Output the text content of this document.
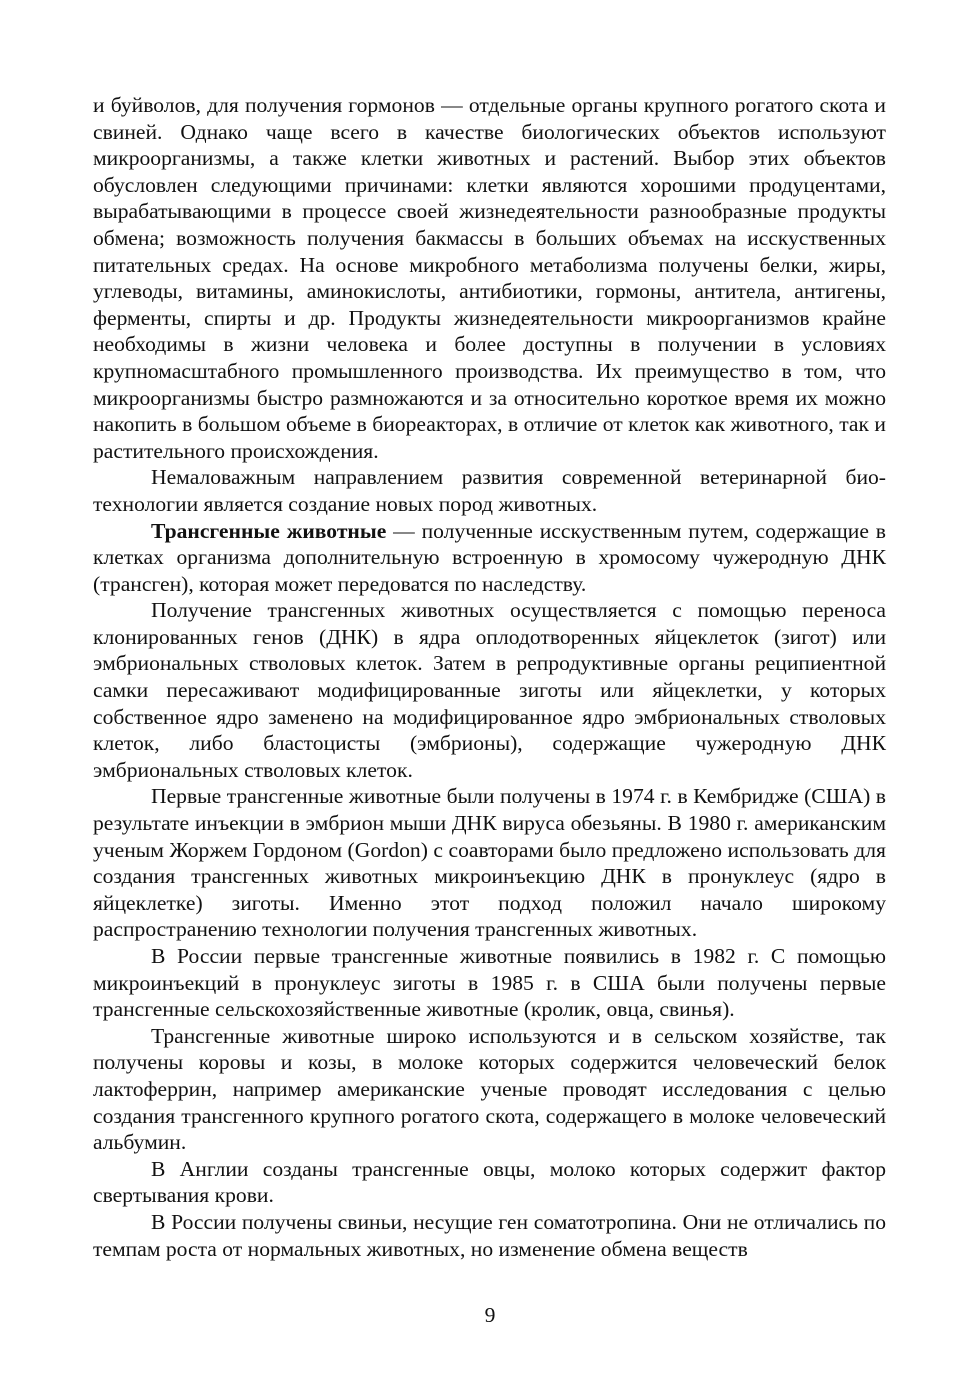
и буйволов, для получения гормонов — отдельные органы крупного рогатого скота и свиней. Однако чаще всего в качестве биологических объектов используют микроорганизмы, а также клетки животных и растений. Выбор этих объектов обусловлен следующими причинами: клетки являются хорошими продуцентами, вырабатывающими в процессе своей жизнедеятельности разнообразные продукты обмена; возможность получения бакмассы в больших объемах на исскуственных питательных средах. На основе микробного метаболизма получены белки, жиры, углеводы, витамины, аминокислоты, антибиотики, гормоны, антитела, антигены, ферменты, спирты и др. Продукты жизнедеятельности микроорганизмов крайне необходимы в жизни человека и более доступны в получении в условиях крупномасштабного промышленного производства. Их преимущество в том, что микроорганизмы быстро размножаются и за относительно короткое время их можно накопить в большом объеме в биореакторах, в отличие от клеток как животного, так и растительного происхождения.

Немаловажным направлением развития современной ветеринарной биотехнологии является создание новых пород животных.

Трансгенные животные — полученные исскуственным путем, содержащие в клетках организма дополнительную встроенную в хромосому чужеродную ДНК (трансген), которая может передоватся по наследству.

Получение трансгенных животных осуществляется с помощью переноса клонированных генов (ДНК) в ядра оплодотворенных яйцеклеток (зигот) или эмбриональных стволовых клеток. Затем в репродуктивные органы реципиентной самки пересаживают модифицированные зиготы или яйцеклетки, у которых собственное ядро заменено на модифицированное ядро эмбриональных стволовых клеток, либо бластоцисты (эмбрионы), содержащие чужеродную ДНК эмбриональных стволовых клеток.

Первые трансгенные животные были получены в 1974 г. в Кембридже (США) в результате инъекции в эмбрион мыши ДНК вируса обезьяны. В 1980 г. американским ученым Жоржем Гордоном (Gordon) с соавторами было предложено использовать для создания трансгенных животных микроинъекцию ДНК в пронуклеус (ядро в яйцеклетке) зиготы. Именно этот подход положил начало широкому распространению технологии получения трансгенных животных.

В России первые трансгенные животные появились в 1982 г. С помощью микроинъекций в пронуклеус зиготы в 1985 г. в США были получены первые трансгенные сельскохозяйственные животные (кролик, овца, свинья).

Трансгенные животные широко используются и в сельском хозяйстве, так получены коровы и козы, в молоке которых содержится человеческий белок лактоферрин, например американские ученые проводят исследования с целью создания трансгенного крупного рогатого скота, содержащего в молоке человеческий альбумин.

В Англии созданы трансгенные овцы, молоко которых содержит фактор свертывания крови.

В России получены свиньи, несущие ген соматотропина. Они не отличались по темпам роста от нормальных животных, но изменение обмена веществ

9
